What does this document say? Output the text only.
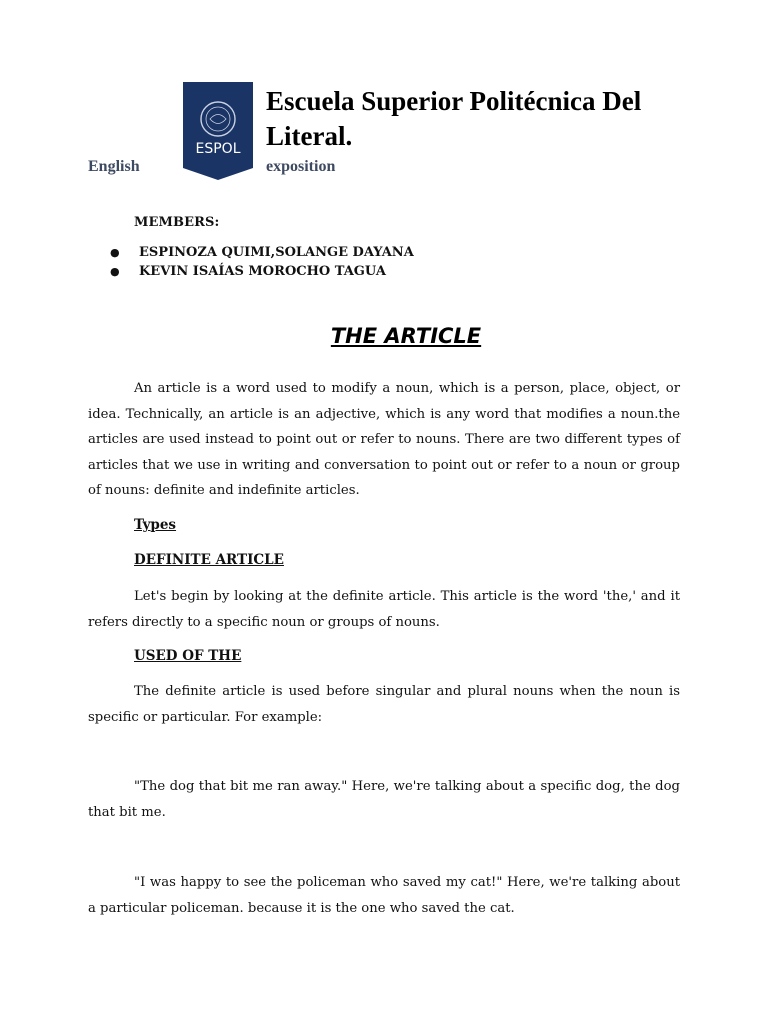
ESPOL
Escuela Superior Politécnica Del Literal.
English	exposition
MEMBERS:
● ESPINOZA QUIMI,SOLANGE DAYANA
● KEVIN ISAÍAS MOROCHO TAGUA
THE ARTICLE

An article is a word used to modify a noun, which is a person, place, object, or idea. Technically, an article is an adjective, which is any word that modifies a noun.the articles are used instead to point out or refer to nouns. There are two different types of articles that we use in writing and conversation to point out or refer to a noun or group of nouns: definite and indefinite articles.

Types
DEFINITE ARTICLE

Let's begin by looking at the definite article. This article is the word 'the,' and it refers directly to a specific noun or groups of nouns.

USED OF THE

The definite article is used before singular and plural nouns when the noun is specific or particular. For example:

"The dog that bit me ran away." Here, we're talking about a specific dog, the dog that bit me.

"I was happy to see the policeman who saved my cat!" Here, we're talking about a particular policeman. because it is the one who saved the cat.
